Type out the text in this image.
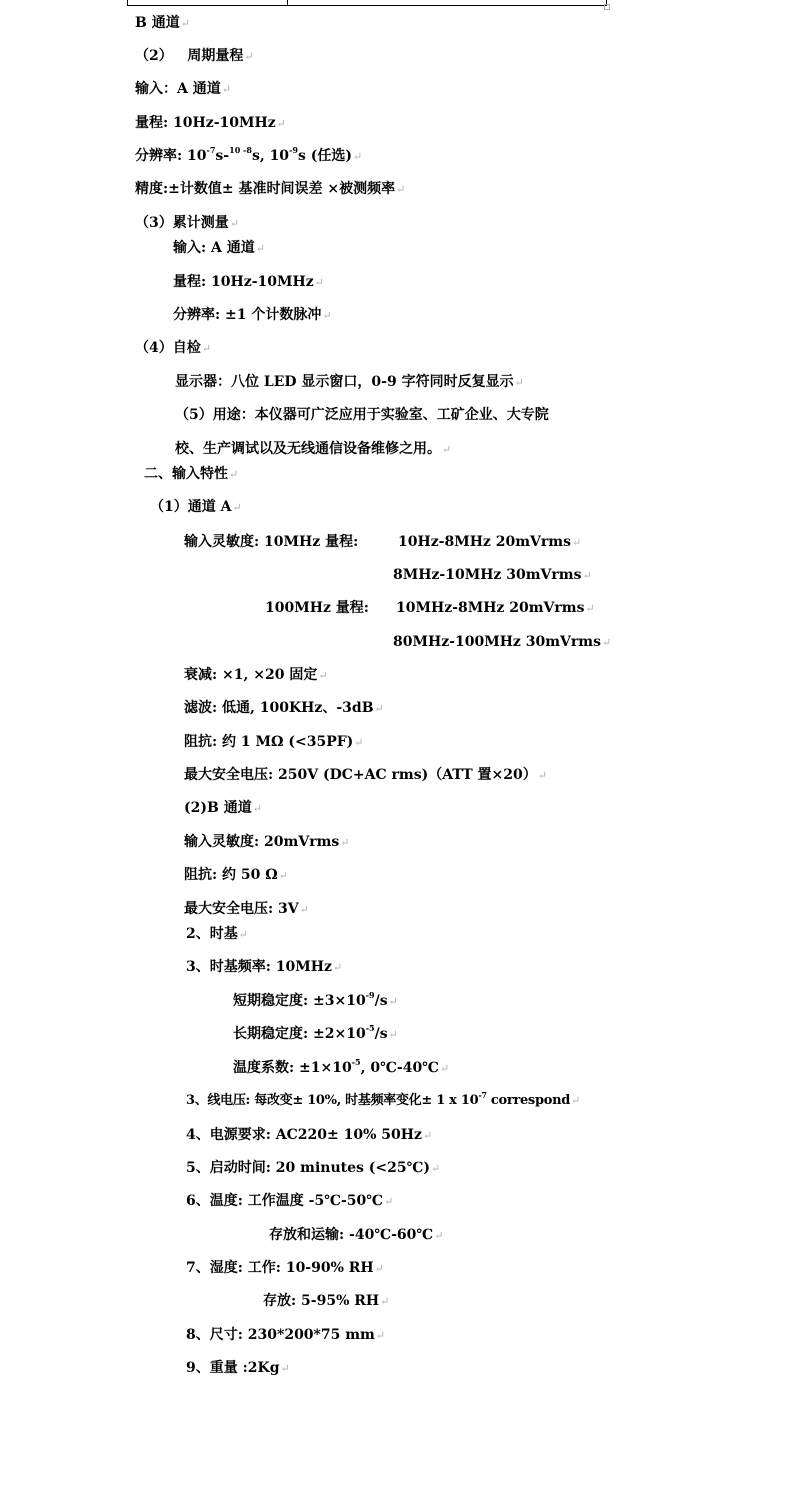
B 通道↵
（2）   周期量程↵
输入：A 通道↵
量程: 10Hz-10MHz↵
分辨率: $10^{-7}s-^{10 -8}s$, $10^{-9}s$ (任选)↵
精度:±计数值± 基准时间误差 ×被测频率↵
（3）累计测量↵
输入: A 通道↵
量程: 10Hz-10MHz↵
分辨率: ±1 个计数脉冲↵
（4）自检↵
显示器：八位 LED 显示窗口，0-9 字符同时反复显示↵
（5）用途：本仪器可广泛应用于实验室、工矿企业、大专院
校、生产调试以及无线通信设备维修之用。↵
二、输入特性↵
（1）通道 A↵
输入灵敏度: 10MHz 量程:	10Hz-8MHz 20mVrms↵
8MHz-10MHz 30mVrms↵
100MHz 量程: 10MHz-8MHz 20mVrms↵
80MHz-100MHz 30mVrms↵
衰减: ×1, ×20 固定↵
滤波: 低通, 100KHz、-3dB↵
阻抗: 约 1 MΩ (<35PF)↵
最大安全电压: 250V (DC+AC rms)（ATT 置×20）↵
(2)B 通道↵
输入灵敏度: 20mVrms↵
阻抗: 约 50 Ω↵
最大安全电压: 3V↵
2、时基↵
3、时基频率: 10MHz↵
短期稳定度: $\pm 3\times 10^{-9}/s↵$
长期稳定度: $\pm 2\times 10^{-5}/s↵$
温度系数: $\pm 1\times 10^{-5}$, 0℃-40℃↵
3、线电压: 每改变± 10%, 时基频率变化± 1 x $10^{-7}$ correspond↵
4、电源要求: AC220± 10% 50Hz↵
5、启动时间: 20 minutes (<25℃)↵
6、温度: 工作温度 -5℃-50℃↵
存放和运输: -40℃-60℃↵
7、湿度: 工作: 10-90% RH↵
存放: 5-95% RH↵
8、尺寸: 230*200*75 mm↵
9、重量 :2Kg↵
